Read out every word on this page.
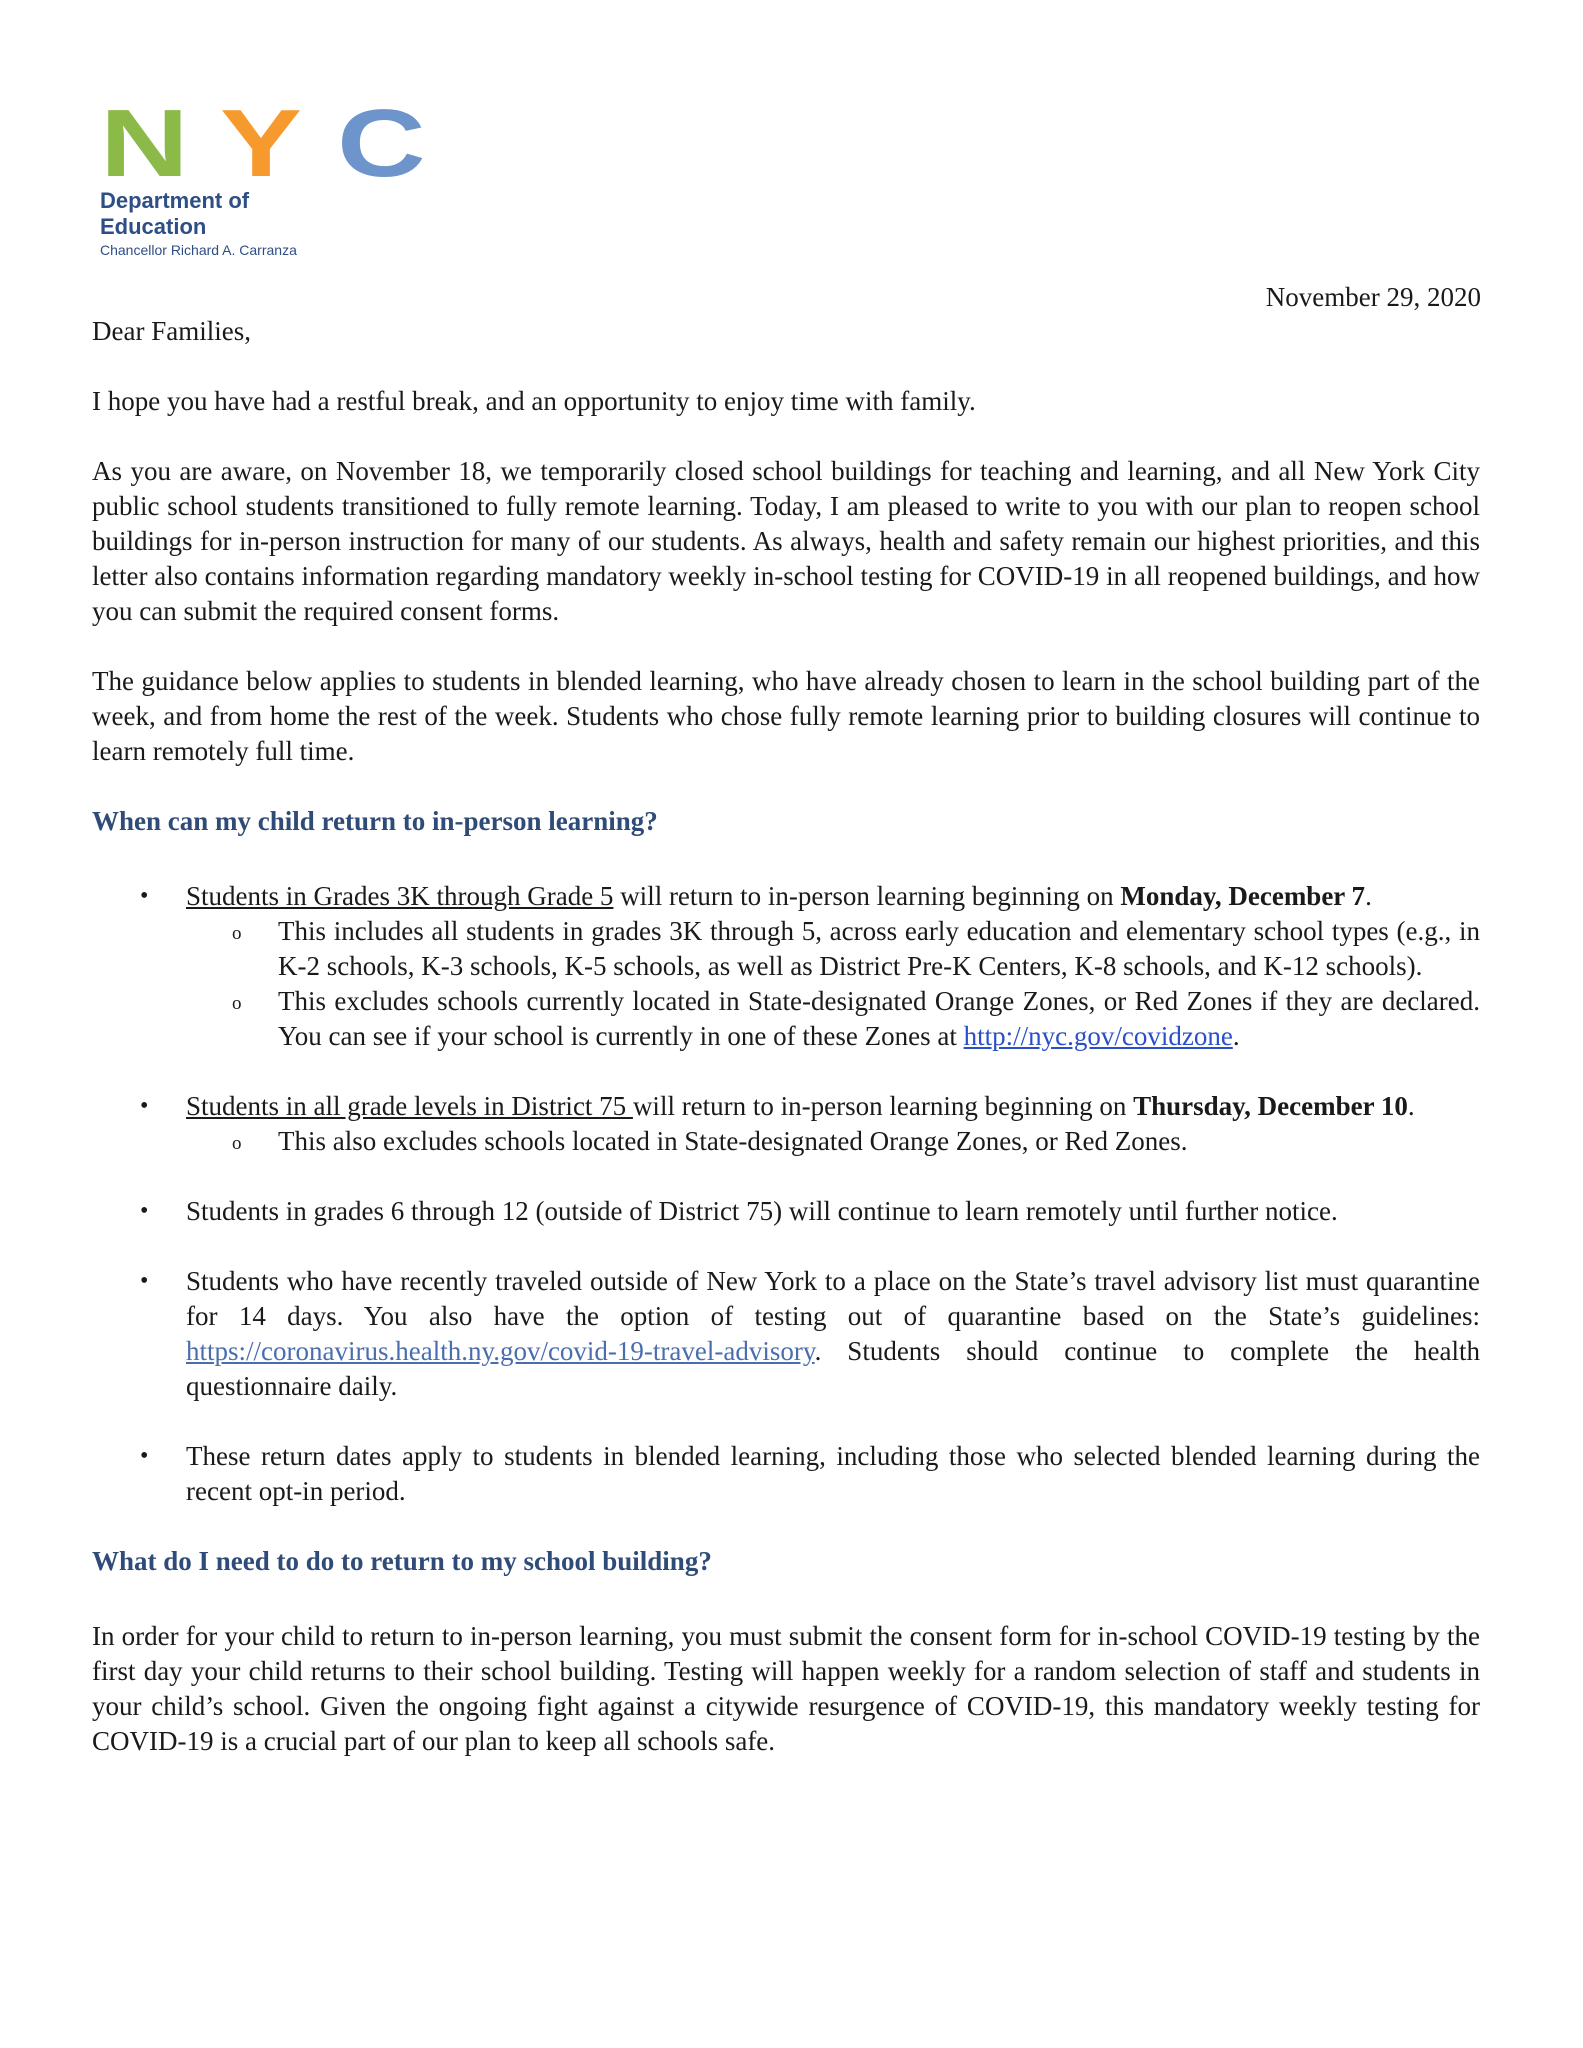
N Y C
Department of
Education
Chancellor Richard A. Carranza
November 29, 2020

Dear Families,

I hope you have had a restful break, and an opportunity to enjoy time with family.

As you are aware, on November 18, we temporarily closed school buildings for teaching and learning, and all New York City public school students transitioned to fully remote learning. Today, I am pleased to write to you with our plan to reopen school buildings for in-person instruction for many of our students. As always, health and safety remain our highest priorities, and this letter also contains information regarding mandatory weekly in-school testing for COVID-19 in all reopened buildings, and how you can submit the required consent forms.

The guidance below applies to students in blended learning, who have already chosen to learn in the school building part of the week, and from home the rest of the week. Students who chose fully remote learning prior to building closures will continue to learn remotely full time.

When can my child return to in-person learning?
• Students in Grades 3K through Grade 5 will return to in-person learning beginning on Monday, December 7.
o This includes all students in grades 3K through 5, across early education and elementary school types (e.g., in K-2 schools, K-3 schools, K-5 schools, as well as District Pre-K Centers, K-8 schools, and K-12 schools).
o This excludes schools currently located in State-designated Orange Zones, or Red Zones if they are declared. You can see if your school is currently in one of these Zones at http://nyc.gov/covidzone.
• Students in all grade levels in District 75 will return to in-person learning beginning on Thursday, December 10.
o This also excludes schools located in State-designated Orange Zones, or Red Zones.
• Students in grades 6 through 12 (outside of District 75) will continue to learn remotely until further notice.
• Students who have recently traveled outside of New York to a place on the State’s travel advisory list must quarantine for 14 days. You also have the option of testing out of quarantine based on the State’s guidelines: https://coronavirus.health.ny.gov/covid-19-travel-advisory. Students should continue to complete the health questionnaire daily.
• These return dates apply to students in blended learning, including those who selected blended learning during the recent opt-in period.
What do I need to do to return to my school building?

In order for your child to return to in-person learning, you must submit the consent form for in-school COVID-19 testing by the first day your child returns to their school building. Testing will happen weekly for a random selection of staff and students in your child’s school. Given the ongoing fight against a citywide resurgence of COVID-19, this mandatory weekly testing for COVID-19 is a crucial part of our plan to keep all schools safe.
